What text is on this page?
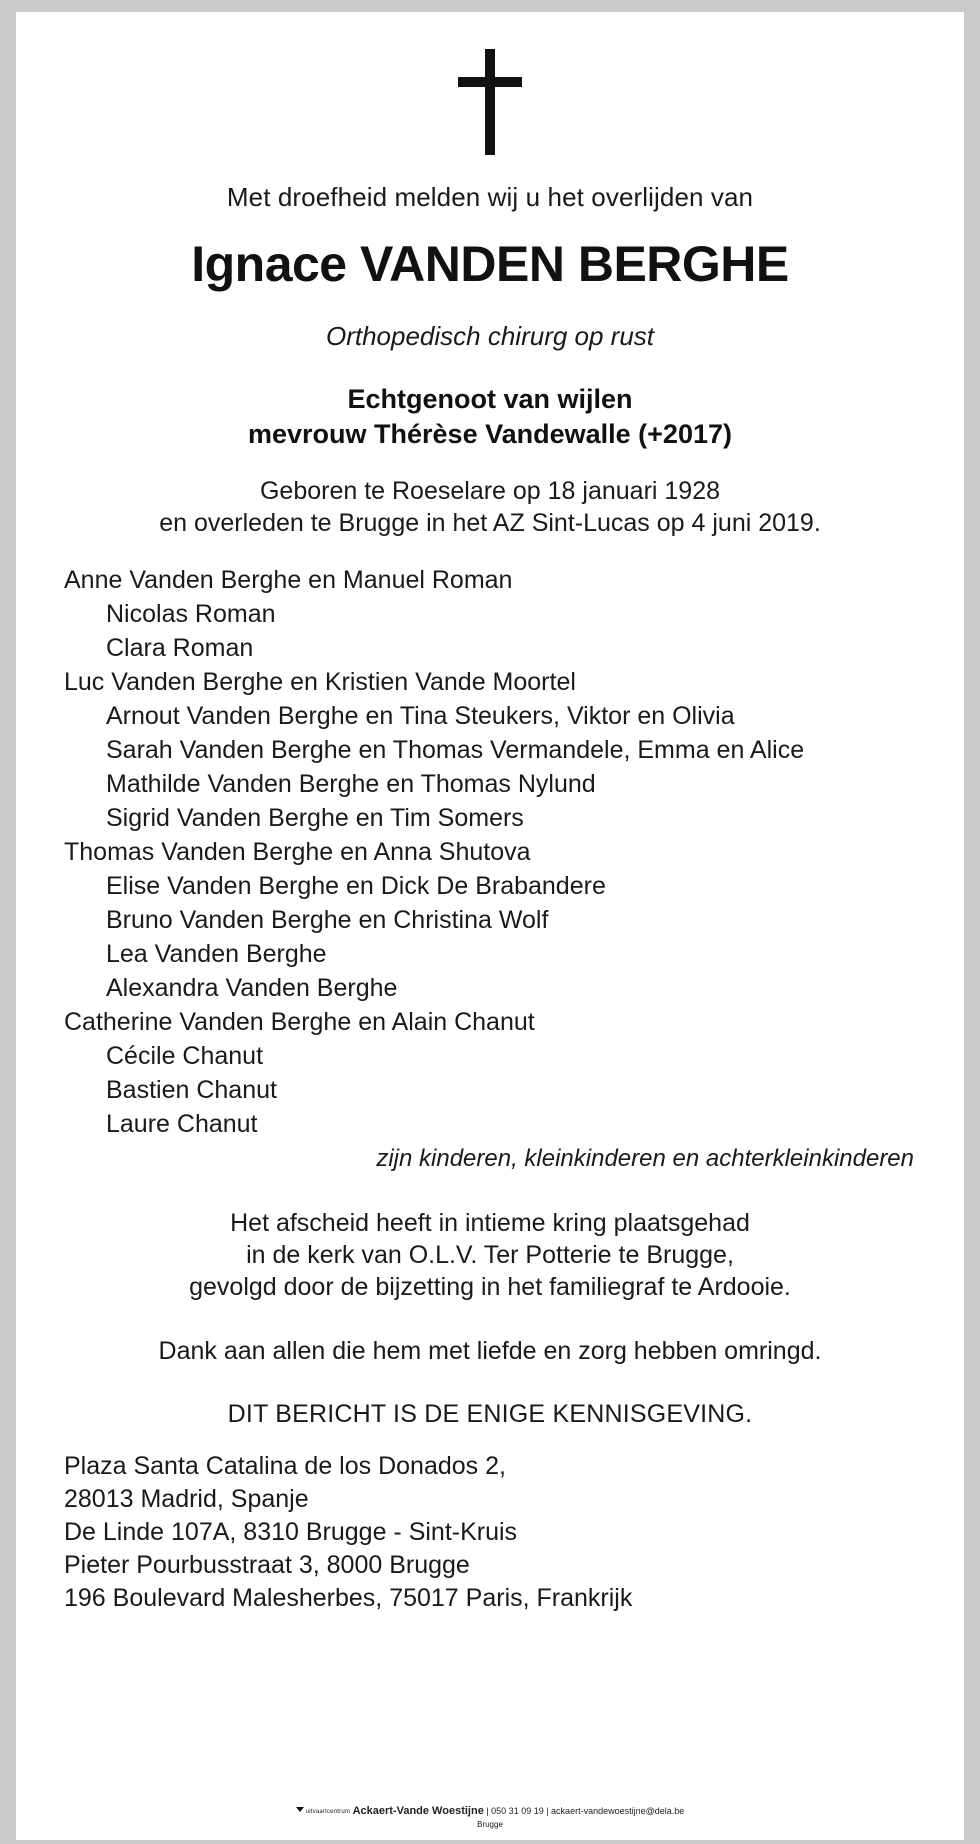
Met droefheid melden wij u het overlijden van
Ignace VANDEN BERGHE
Orthopedisch chirurg op rust
Echtgenoot van wijlen
mevrouw Thérèse Vandewalle (+2017)
Geboren te Roeselare op 18 januari 1928
en overleden te Brugge in het AZ Sint-Lucas op 4 juni 2019.
Anne Vanden Berghe en Manuel Roman
Nicolas Roman
Clara Roman
Luc Vanden Berghe en Kristien Vande Moortel
Arnout Vanden Berghe en Tina Steukers, Viktor en Olivia
Sarah Vanden Berghe en Thomas Vermandele, Emma en Alice
Mathilde Vanden Berghe en Thomas Nylund
Sigrid Vanden Berghe en Tim Somers
Thomas Vanden Berghe en Anna Shutova
Elise Vanden Berghe en Dick De Brabandere
Bruno Vanden Berghe en Christina Wolf
Lea Vanden Berghe
Alexandra Vanden Berghe
Catherine Vanden Berghe en Alain Chanut
Cécile Chanut
Bastien Chanut
Laure Chanut
zijn kinderen, kleinkinderen en achterkleinkinderen
Het afscheid heeft in intieme kring plaatsgehad
in de kerk van O.L.V. Ter Potterie te Brugge,
gevolgd door de bijzetting in het familiegraf te Ardooie.
Dank aan allen die hem met liefde en zorg hebben omringd.
DIT BERICHT IS DE ENIGE KENNISGEVING.
Plaza Santa Catalina de los Donados 2,
28013 Madrid, Spanje
De Linde 107A, 8310 Brugge - Sint-Kruis
Pieter Pourbusstraat 3, 8000 Brugge
196 Boulevard Malesherbes, 75017 Paris, Frankrijk
uitvaartcentrum Ackaert-Vande Woestijne | 050 31 09 19 | ackaert-vandewoestijne@dela.be
Brugge
